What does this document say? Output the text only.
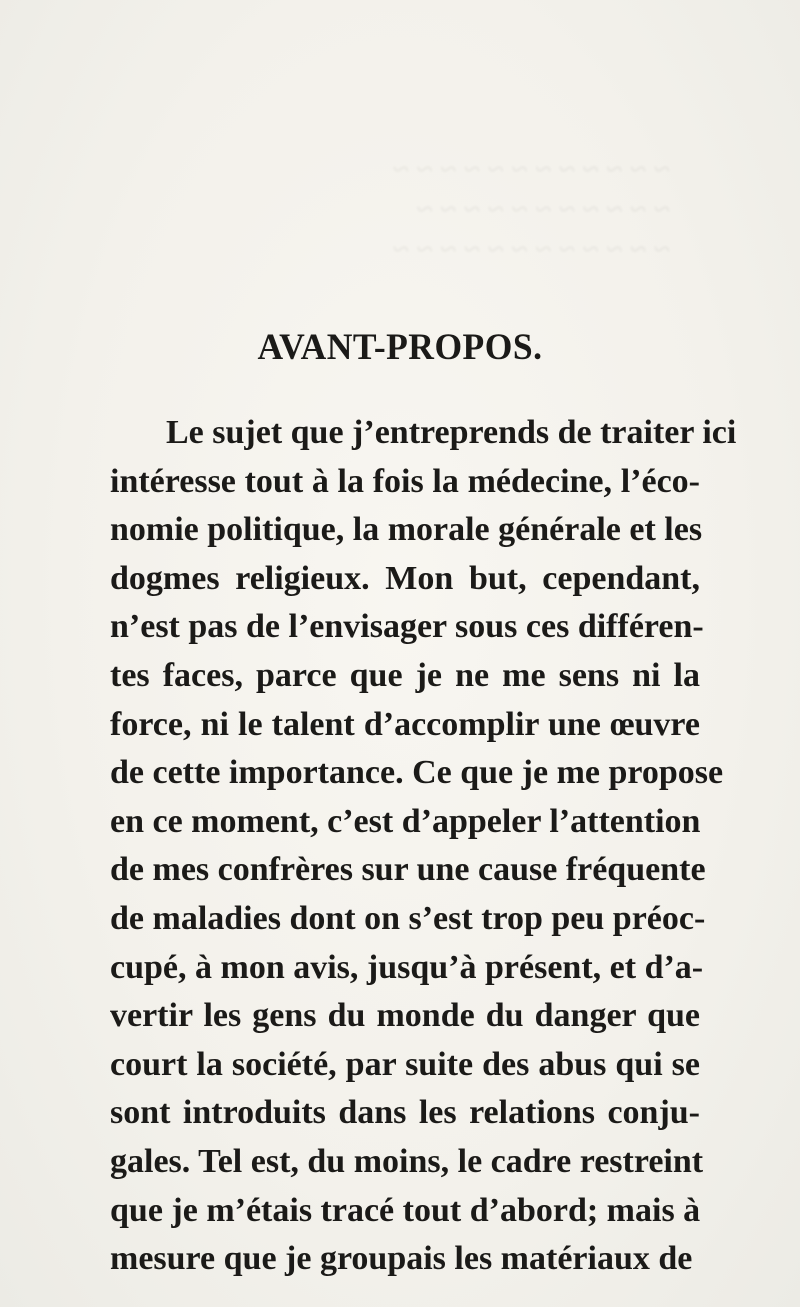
~ ~ ~ ~ ~ ~ ~ ~ ~ ~ ~ ~
~ ~ ~ ~ ~ ~ ~ ~ ~ ~ ~
~ ~ ~ ~ ~ ~ ~ ~ ~ ~ ~ ~
AVANT-PROPOS.
Le sujet que j’entreprends de traiter ici
intéresse tout à la fois la médecine, l’éco-
nomie politique, la morale générale et les
dogmes religieux. Mon but, cependant,
n’est pas de l’envisager sous ces différen-
tes faces, parce que je ne me sens ni la
force, ni le talent d’accomplir une œuvre
de cette importance. Ce que je me propose
en ce moment, c’est d’appeler l’attention
de mes confrères sur une cause fréquente
de maladies dont on s’est trop peu préoc-
cupé, à mon avis, jusqu’à présent, et d’a-
vertir les gens du monde du danger que
court la société, par suite des abus qui se
sont introduits dans les relations conju-
gales. Tel est, du moins, le cadre restreint
que je m’étais tracé tout d’abord; mais à
mesure que je groupais les matériaux de
